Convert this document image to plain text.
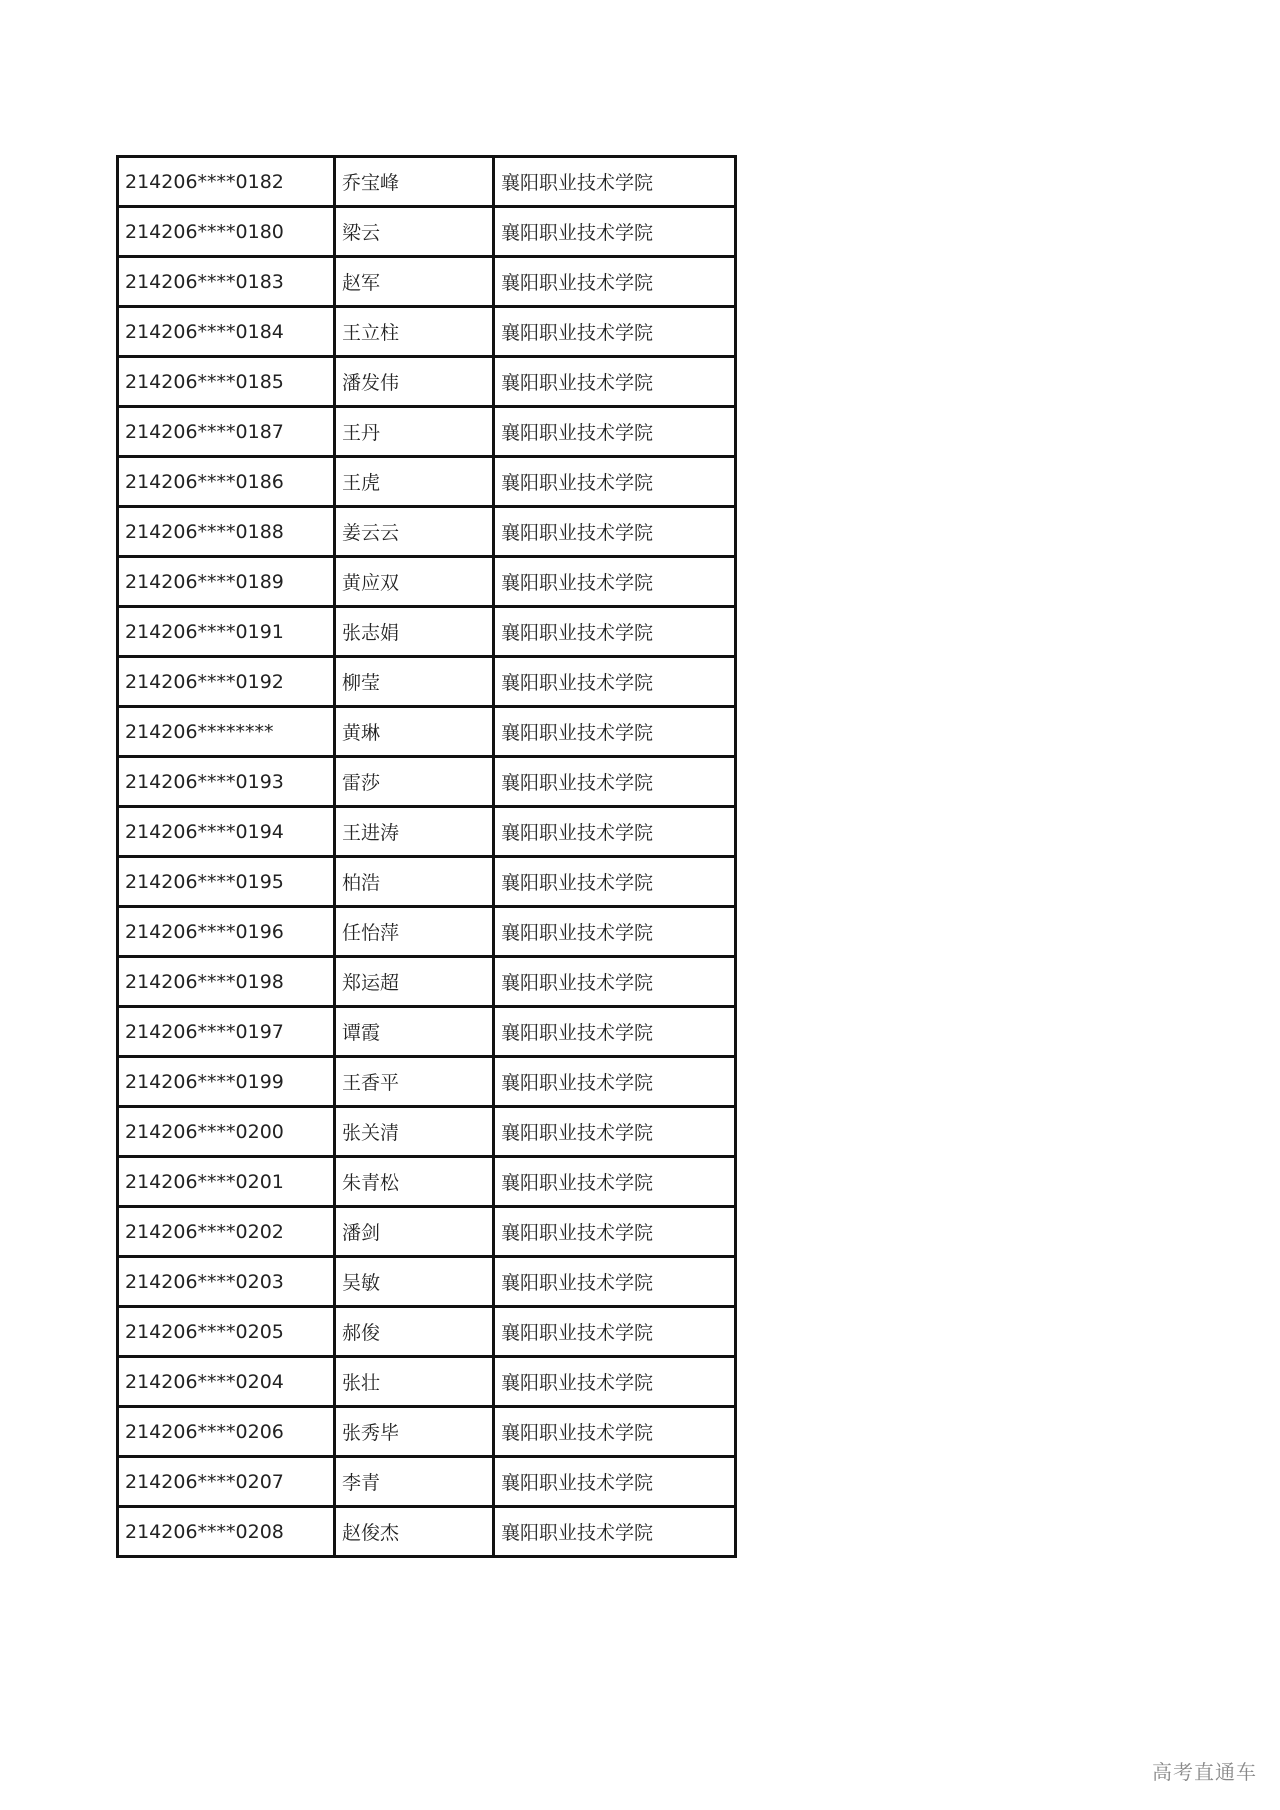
214206****0182	乔宝峰	襄阳职业技术学院
214206****0180	梁云	襄阳职业技术学院
214206****0183	赵军	襄阳职业技术学院
214206****0184	王立柱	襄阳职业技术学院
214206****0185	潘发伟	襄阳职业技术学院
214206****0187	王丹	襄阳职业技术学院
214206****0186	王虎	襄阳职业技术学院
214206****0188	姜云云	襄阳职业技术学院
214206****0189	黄应双	襄阳职业技术学院
214206****0191	张志娟	襄阳职业技术学院
214206****0192	柳莹	襄阳职业技术学院
214206********	黄琳	襄阳职业技术学院
214206****0193	雷莎	襄阳职业技术学院
214206****0194	王进涛	襄阳职业技术学院
214206****0195	柏浩	襄阳职业技术学院
214206****0196	任怡萍	襄阳职业技术学院
214206****0198	郑运超	襄阳职业技术学院
214206****0197	谭霞	襄阳职业技术学院
214206****0199	王香平	襄阳职业技术学院
214206****0200	张关清	襄阳职业技术学院
214206****0201	朱青松	襄阳职业技术学院
214206****0202	潘剑	襄阳职业技术学院
214206****0203	吴敏	襄阳职业技术学院
214206****0205	郝俊	襄阳职业技术学院
214206****0204	张壮	襄阳职业技术学院
214206****0206	张秀毕	襄阳职业技术学院
214206****0207	李青	襄阳职业技术学院
214206****0208	赵俊杰	襄阳职业技术学院
高考直通车
